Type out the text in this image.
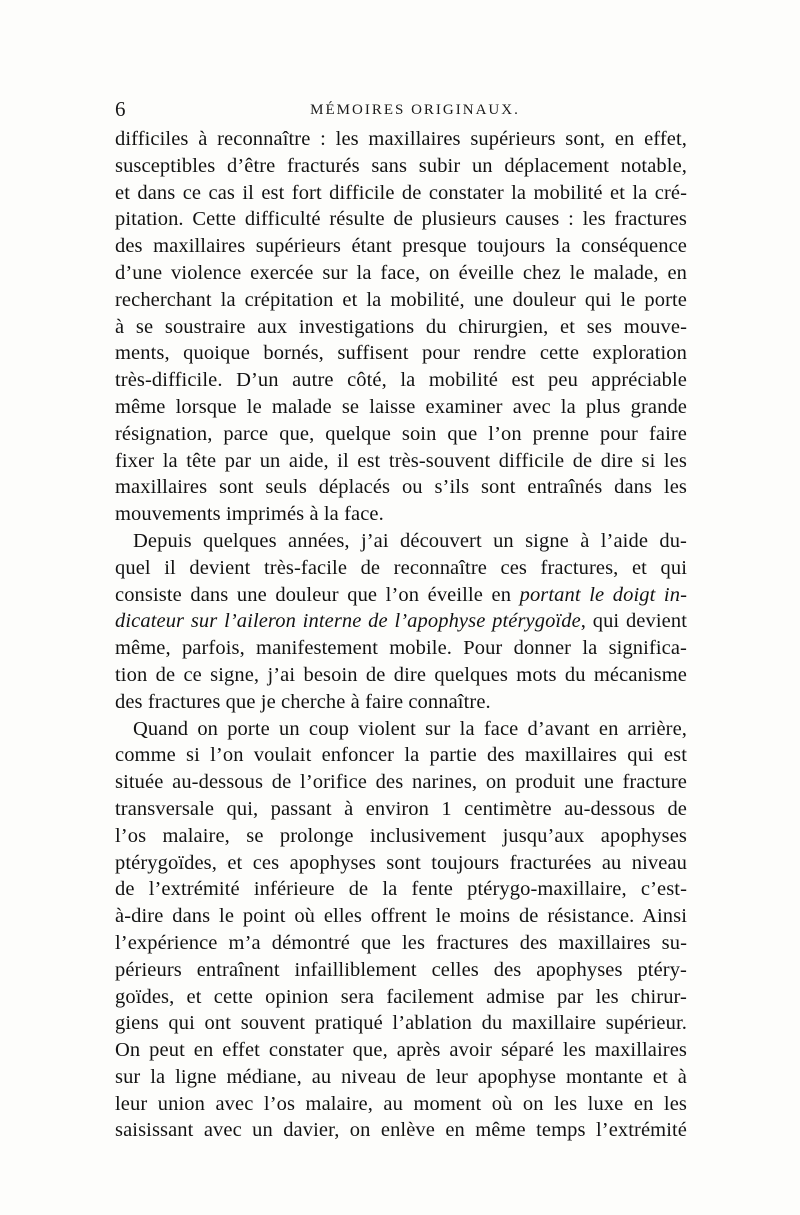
6	MÉMOIRES ORIGINAUX.
difficiles à reconnaître : les maxillaires supérieurs sont, en effet,
susceptibles d’être fracturés sans subir un déplacement notable,
et dans ce cas il est fort difficile de constater la mobilité et la cré-
pitation. Cette difficulté résulte de plusieurs causes : les fractures
des maxillaires supérieurs étant presque toujours la conséquence
d’une violence exercée sur la face, on éveille chez le malade, en
recherchant la crépitation et la mobilité, une douleur qui le porte
à se soustraire aux investigations du chirurgien, et ses mouve-
ments, quoique bornés, suffisent pour rendre cette exploration
très-difficile. D’un autre côté, la mobilité est peu appréciable
même lorsque le malade se laisse examiner avec la plus grande
résignation, parce que, quelque soin que l’on prenne pour faire
fixer la tête par un aide, il est très-souvent difficile de dire si les
maxillaires sont seuls déplacés ou s’ils sont entraînés dans les
mouvements imprimés à la face.
Depuis quelques années, j’ai découvert un signe à l’aide du-
quel il devient très-facile de reconnaître ces fractures, et qui
consiste dans une douleur que l’on éveille en portant le doigt in-
dicateur sur l’aileron interne de l’apophyse ptérygoïde, qui devient
même, parfois, manifestement mobile. Pour donner la significa-
tion de ce signe, j’ai besoin de dire quelques mots du mécanisme
des fractures que je cherche à faire connaître.
Quand on porte un coup violent sur la face d’avant en arrière,
comme si l’on voulait enfoncer la partie des maxillaires qui est
située au-dessous de l’orifice des narines, on produit une fracture
transversale qui, passant à environ 1 centimètre au-dessous de
l’os malaire, se prolonge inclusivement jusqu’aux apophyses
ptérygoïdes, et ces apophyses sont toujours fracturées au niveau
de l’extrémité inférieure de la fente ptérygo-maxillaire, c’est-
à-dire dans le point où elles offrent le moins de résistance. Ainsi
l’expérience m’a démontré que les fractures des maxillaires su-
périeurs entraînent infailliblement celles des apophyses ptéry-
goïdes, et cette opinion sera facilement admise par les chirur-
giens qui ont souvent pratiqué l’ablation du maxillaire supérieur.
On peut en effet constater que, après avoir séparé les maxillaires
sur la ligne médiane, au niveau de leur apophyse montante et à
leur union avec l’os malaire, au moment où on les luxe en les
saisissant avec un davier, on enlève en même temps l’extrémité
